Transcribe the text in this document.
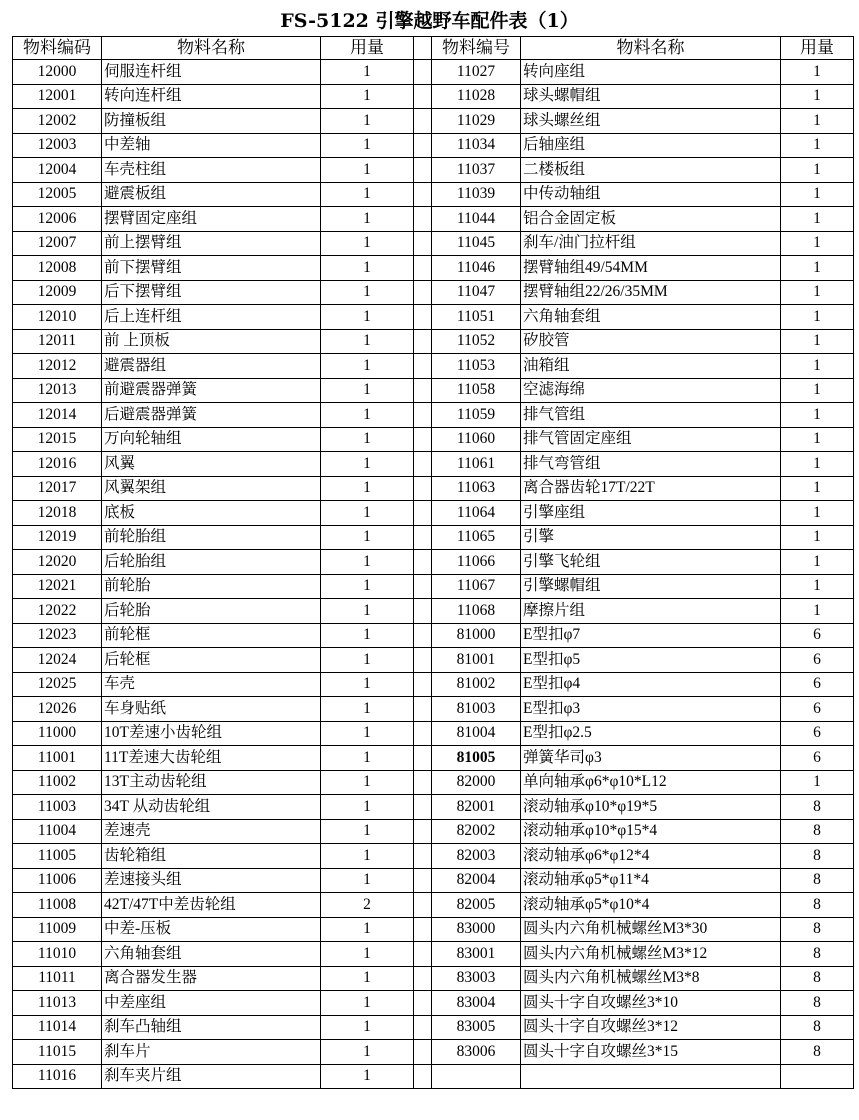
FS-5122 引擎越野车配件表（1）
物料编码	物料名称	用量		物料编号	物料名称	用量
12000	伺服连杆组	1		11027	转向座组	1
12001	转向连杆组	1		11028	球头螺帽组	1
12002	防撞板组	1		11029	球头螺丝组	1
12003	中差轴	1		11034	后轴座组	1
12004	车壳柱组	1		11037	二楼板组	1
12005	避震板组	1		11039	中传动轴组	1
12006	摆臂固定座组	1		11044	铝合金固定板	1
12007	前上摆臂组	1		11045	刹车/油门拉杆组	1
12008	前下摆臂组	1		11046	摆臂轴组49/54MM	1
12009	后下摆臂组	1		11047	摆臂轴组22/26/35MM	1
12010	后上连杆组	1		11051	六角轴套组	1
12011	前 上顶板	1		11052	矽胶管	1
12012	避震器组	1		11053	油箱组	1
12013	前避震器弹簧	1		11058	空滤海绵	1
12014	后避震器弹簧	1		11059	排气管组	1
12015	万向轮轴组	1		11060	排气管固定座组	1
12016	风翼	1		11061	排气弯管组	1
12017	风翼架组	1		11063	离合器齿轮17T/22T	1
12018	底板	1		11064	引擎座组	1
12019	前轮胎组	1		11065	引擎	1
12020	后轮胎组	1		11066	引擎飞轮组	1
12021	前轮胎	1		11067	引擎螺帽组	1
12022	后轮胎	1		11068	摩擦片组	1
12023	前轮框	1		81000	E型扣φ7	6
12024	后轮框	1		81001	E型扣φ5	6
12025	车壳	1		81002	E型扣φ4	6
12026	车身贴纸	1		81003	E型扣φ3	6
11000	10T差速小齿轮组	1		81004	E型扣φ2.5	6
11001	11T差速大齿轮组	1		81005	弹簧华司φ3	6
11002	13T主动齿轮组	1		82000	单向轴承φ6*φ10*L12	1
11003	34T 从动齿轮组	1		82001	滚动轴承φ10*φ19*5	8
11004	差速壳	1		82002	滚动轴承φ10*φ15*4	8
11005	齿轮箱组	1		82003	滚动轴承φ6*φ12*4	8
11006	差速接头组	1		82004	滚动轴承φ5*φ11*4	8
11008	42T/47T中差齿轮组	2		82005	滚动轴承φ5*φ10*4	8
11009	中差-压板	1		83000	圆头内六角机械螺丝M3*30	8
11010	六角轴套组	1		83001	圆头内六角机械螺丝M3*12	8
11011	离合器发生器	1		83003	圆头内六角机械螺丝M3*8	8
11013	中差座组	1		83004	圆头十字自攻螺丝3*10	8
11014	刹车凸轴组	1		83005	圆头十字自攻螺丝3*12	8
11015	刹车片	1		83006	圆头十字自攻螺丝3*15	8
11016	刹车夹片组	1				
